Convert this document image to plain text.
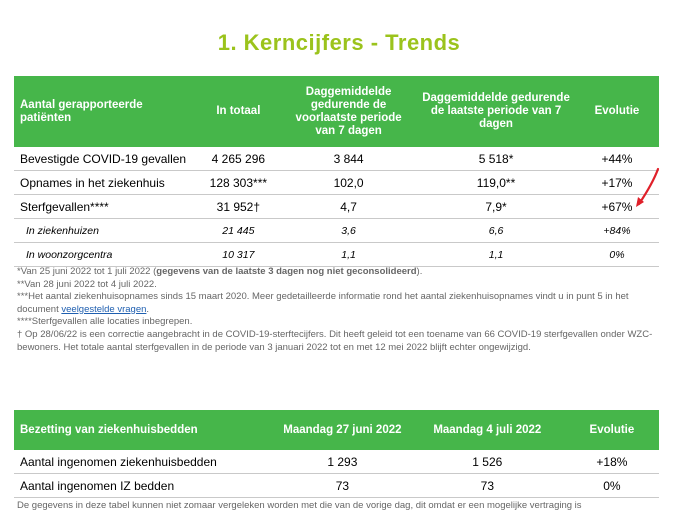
1. Kerncijfers - Trends
Aantal gerapporteerde patiënten	In totaal	Daggemiddelde gedurende de voorlaatste periode van 7 dagen	Daggemiddelde gedurende de laatste periode van 7 dagen	Evolutie
Bevestigde COVID-19 gevallen	4 265 296	3 844	5 518*	+44%
Opnames in het ziekenhuis	128 303***	102,0	119,0**	+17%
Sterfgevallen****	31 952†	4,7	7,9*	+67%
In ziekenhuizen	21 445	3,6	6,6	+84%
In woonzorgcentra	10 317	1,1	1,1	0%

*Van 25 juni 2022 tot 1 juli 2022 (gegevens van de laatste 3 dagen nog niet geconsolideerd).

**Van 28 juni 2022 tot 4 juli 2022.

***Het aantal ziekenhuisopnames sinds 15 maart 2020. Meer gedetailleerde informatie rond het aantal ziekenhuisopnames vindt u in punt 5 in het document veelgestelde vragen.

****Sterfgevallen alle locaties inbegrepen.

† Op 28/06/22 is een correctie aangebracht in de COVID-19-sterftecijfers. Dit heeft geleid tot een toename van 66 COVID-19 sterfgevallen onder WZC-bewoners. Het totale aantal sterfgevallen in de periode van 3 januari 2022 tot en met 12 mei 2022 blijft echter ongewijzigd.

Bezetting van ziekenhuisbedden	Maandag 27 juni 2022	Maandag 4 juli 2022	Evolutie
Aantal ingenomen ziekenhuisbedden	1 293	1 526	+18%
Aantal ingenomen IZ bedden	73	73	0%
De gegevens in deze tabel kunnen niet zomaar vergeleken worden met die van de vorige dag, dit omdat er een mogelijke vertraging is
